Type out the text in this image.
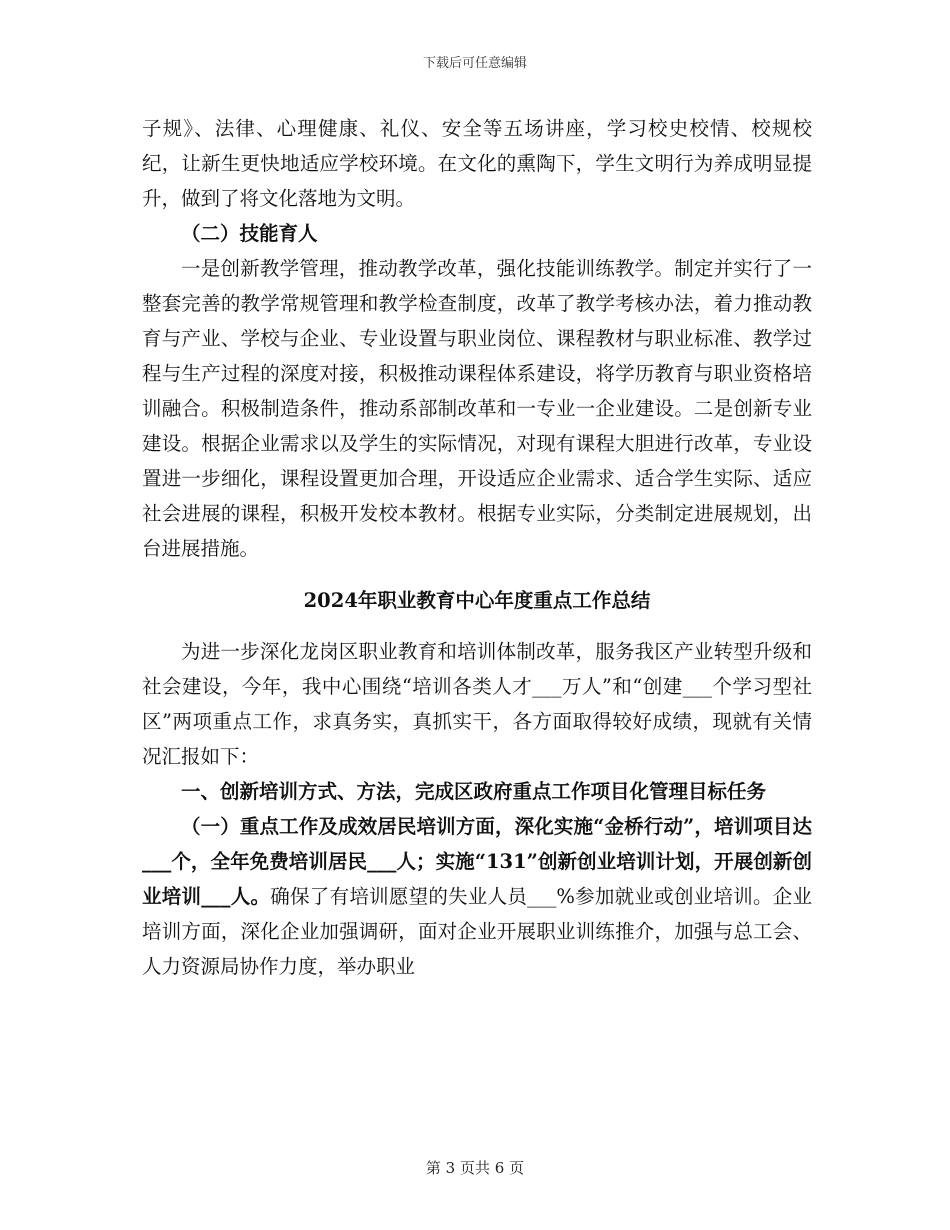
下载后可任意编辑

子规》、法律、心理健康、礼仪、安全等五场讲座，学习校史校情、校规校纪，让新生更快地适应学校环境。在文化的熏陶下，学生文明行为养成明显提升，做到了将文化落地为文明。

（二）技能育人

一是创新教学管理，推动教学改革，强化技能训练教学。制定并实行了一整套完善的教学常规管理和教学检查制度，改革了教学考核办法，着力推动教育与产业、学校与企业、专业设置与职业岗位、课程教材与职业标准、教学过程与生产过程的深度对接，积极推动课程体系建设，将学历教育与职业资格培训融合。积极制造条件，推动系部制改革和一专业一企业建设。二是创新专业建设。根据企业需求以及学生的实际情况，对现有课程大胆进行改革，专业设置进一步细化，课程设置更加合理，开设适应企业需求、适合学生实际、适应社会进展的课程，积极开发校本教材。根据专业实际，分类制定进展规划，出台进展措施。

2024年职业教育中心年度重点工作总结

为进一步深化龙岗区职业教育和培训体制改革，服务我区产业转型升级和社会建设，今年，我中心围绕“培训各类人才___万人”和“创建___个学习型社区”两项重点工作，求真务实，真抓实干，各方面取得较好成绩，现就有关情况汇报如下：

一、创新培训方式、方法，完成区政府重点工作项目化管理目标任务

（一）重点工作及成效居民培训方面，深化实施“金桥行动”，培训项目达___个，全年免费培训居民___人；实施“131”创新创业培训计划，开展创新创业培训___人。确保了有培训愿望的失业人员___%参加就业或创业培训。企业培训方面，深化企业加强调研，面对企业开展职业训练推介，加强与总工会、人力资源局协作力度，举办职业

第 3 页共 6 页
